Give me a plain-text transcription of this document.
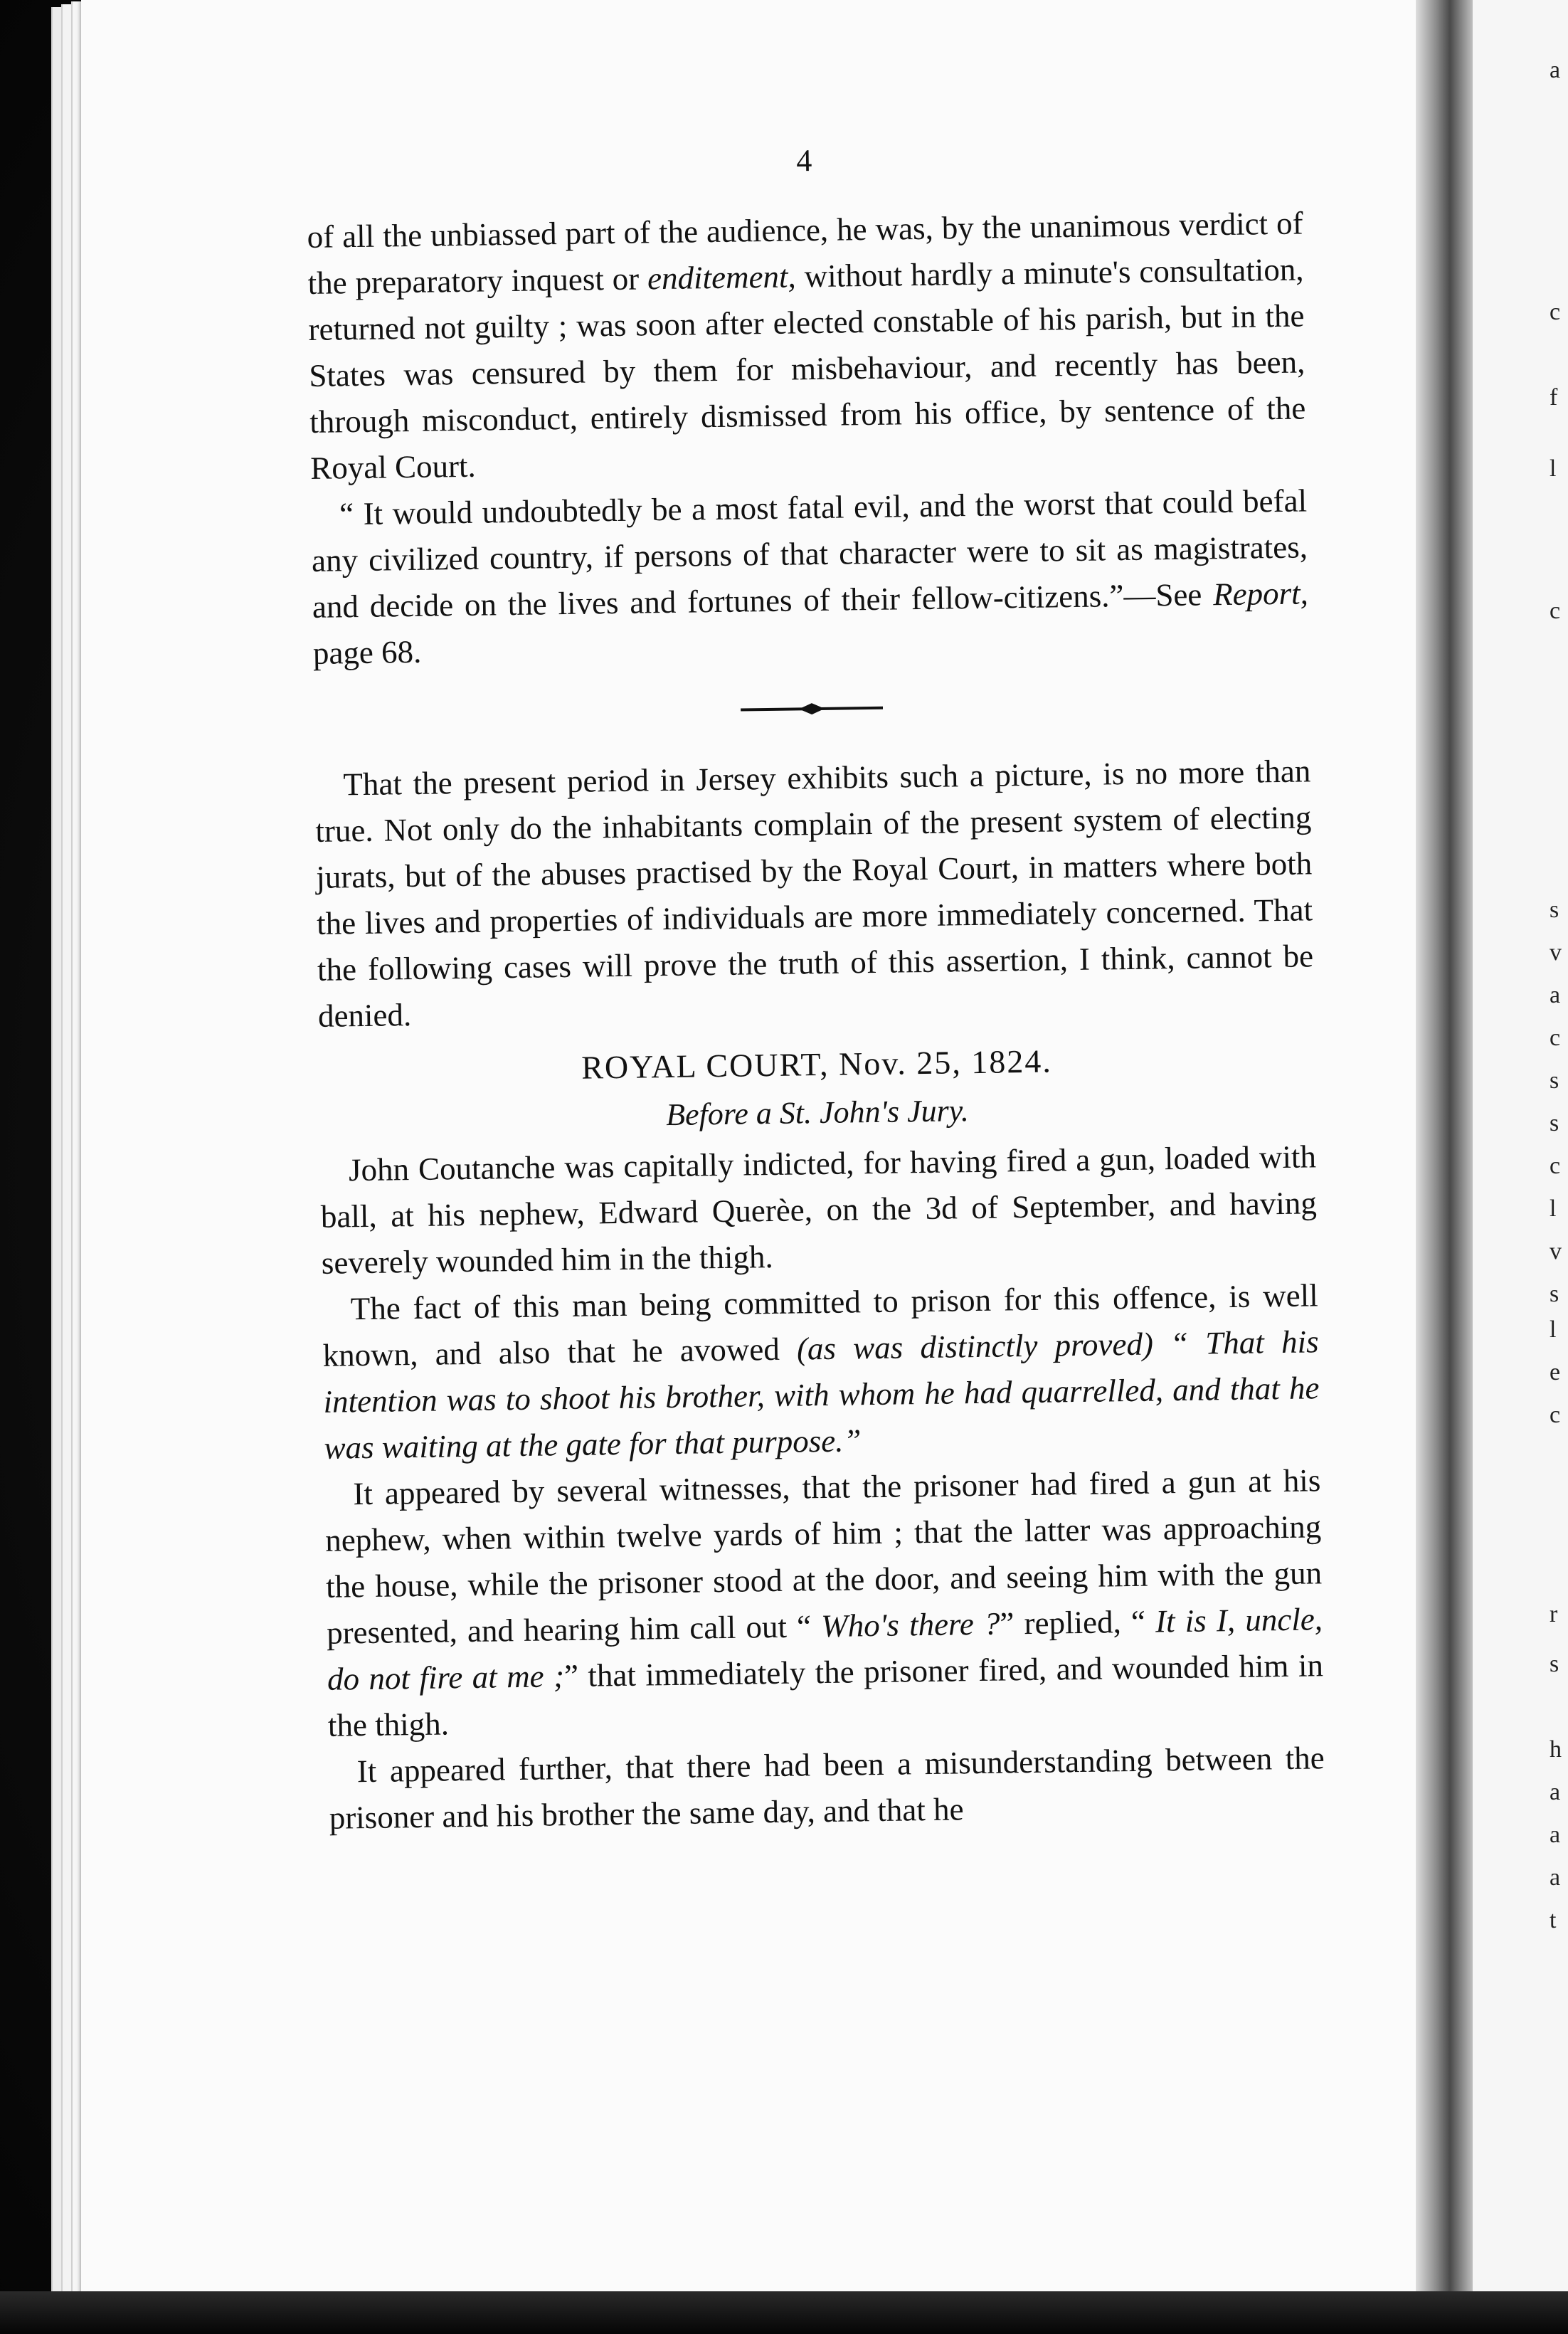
a
c
f
l
c
s
v
a
c
s
s
c
l
v
s
l
e
c
r
s
h
a
a
a
t
4

of all the unbiassed part of the audience, he was, by the unanimous verdict of the preparatory inquest or enditement, without hardly a minute's consultation, returned not guilty ; was soon after elected constable of his parish, but in the States was censured by them for misbehaviour, and recently has been, through misconduct, entirely dismissed from his office, by sentence of the Royal Court.

“ It would undoubtedly be a most fatal evil, and the worst that could befal any civilized country, if persons of that character were to sit as magistrates, and decide on the lives and fortunes of their fellow-citizens.”—See Report, page 68.

That the present period in Jersey exhibits such a picture, is no more than true. Not only do the inhabitants complain of the present system of electing jurats, but of the abuses practised by the Royal Court, in matters where both the lives and properties of individuals are more immediately concerned. That the following cases will prove the truth of this assertion, I think, cannot be denied.

ROYAL COURT, Nov. 25, 1824.
Before a St. John's Jury.

John Coutanche was capitally indicted, for having fired a gun, loaded with ball, at his nephew, Edward Querèe, on the 3d of September, and having severely wounded him in the thigh.

The fact of this man being committed to prison for this offence, is well known, and also that he avowed (as was distinctly proved) “ That his intention was to shoot his brother, with whom he had quarrelled, and that he was waiting at the gate for that purpose.”

It appeared by several witnesses, that the prisoner had fired a gun at his nephew, when within twelve yards of him ; that the latter was approaching the house, while the prisoner stood at the door, and seeing him with the gun presented, and hearing him call out “ Who's there ?” replied, “ It is I, uncle, do not fire at me ;” that immediately the prisoner fired, and wounded him in the thigh.

It appeared further, that there had been a misunderstanding between the prisoner and his brother the same day, and that he
